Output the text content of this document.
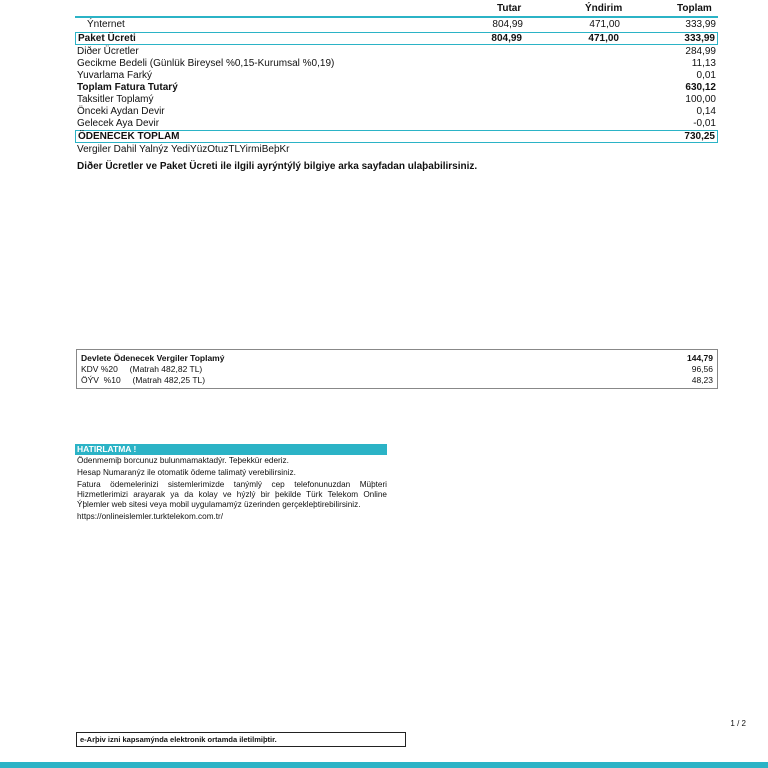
Tutar	Ýndirim	Toplam
Ýnternet	804,99	471,00	333,99
Paket Ücreti	804,99	471,00	333,99
Diðer Ücretler	284,99
Gecikme Bedeli (Günlük Bireysel %0,15-Kurumsal %0,19)	11,13
Yuvarlama Farký	0,01
Toplam Fatura Tutarý	630,12
Taksitler Toplamý	100,00
Önceki Aydan Devir	0,14
Gelecek Aya Devir	-0,01
ÖDENECEK TOPLAM	730,25
Vergiler Dahil Yalnýz YediYüzOtuzTLYirmiBeþKr
Diðer Ücretler ve Paket Ücreti ile ilgili ayrýntýlý bilgiye arka sayfadan ulaþabilirsiniz.
Devlete Ödenecek Vergiler Toplamý	144,79
KDV %20     (Matrah 482,82 TL)	96,56
ÖÝV  %10     (Matrah 482,25 TL)	48,23
HATIRLATMA !
Ödenmemiþ borcunuz bulunmamaktadýr. Teþekkür ederiz.
Hesap Numaranýz ile otomatik ödeme talimatý verebilirsiniz.
Fatura ödemelerinizi sistemlerimizde tanýmlý cep telefonunuzdan Müþteri Hizmetlerimizi arayarak ya da kolay ve hýzlý bir þekilde Türk Telekom Online Ýþlemler web sitesi veya mobil uygulamamýz üzerinden gerçekleþtirebilirsiniz.
https://onlineislemler.turktelekom.com.tr/
1 / 2
e-Arþiv izni kapsamýnda elektronik ortamda iletilmiþtir.
